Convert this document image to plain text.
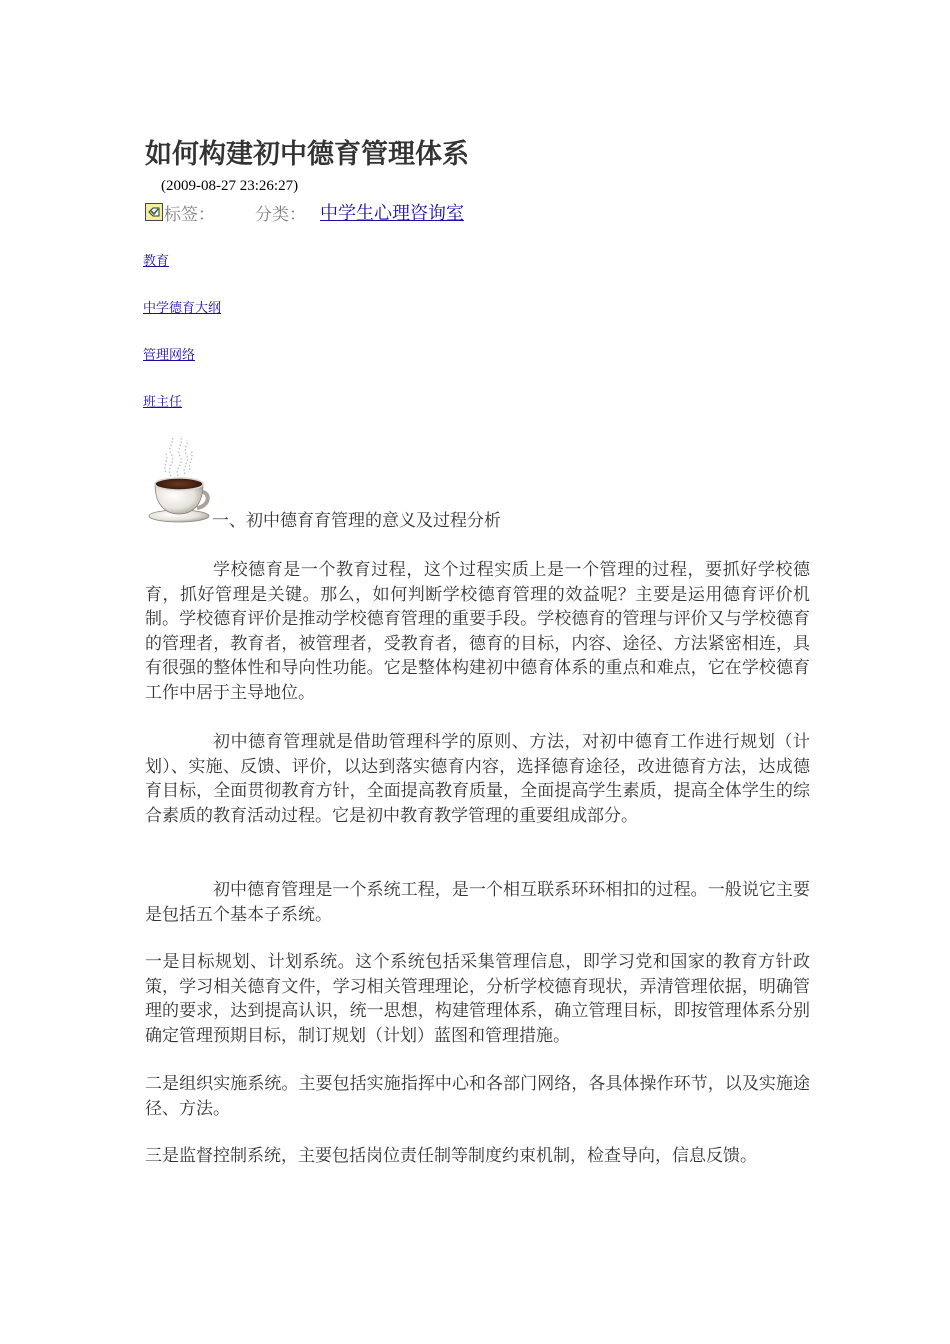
如何构建初中德育管理体系
(2009-08-27 23:26:27)
标签： 分类： 中学生心理咨询室
教育
中学德育大纲
管理网络
班主任
一、初中德育育管理的意义及过程分析

学校德育是一个教育过程，这个过程实质上是一个管理的过程，要抓好学校德育，抓好管理是关键。那么，如何判断学校德育管理的效益呢？主要是运用德育评价机制。学校德育评价是推动学校德育管理的重要手段。学校德育的管理与评价又与学校德育的管理者，教育者，被管理者，受教育者，德育的目标，内容、途径、方法紧密相连，具有很强的整体性和导向性功能。它是整体构建初中德育体系的重点和难点，它在学校德育工作中居于主导地位。

初中德育管理就是借助管理科学的原则、方法，对初中德育工作进行规划（计划）、实施、反馈、评价，以达到落实德育内容，选择德育途径，改进德育方法，达成德育目标，全面贯彻教育方针，全面提高教育质量，全面提高学生素质，提高全体学生的综合素质的教育活动过程。它是初中教育教学管理的重要组成部分。

初中德育管理是一个系统工程，是一个相互联系环环相扣的过程。一般说它主要是包括五个基本子系统。

一是目标规划、计划系统。这个系统包括采集管理信息，即学习党和国家的教育方针政策，学习相关德育文件，学习相关管理理论，分析学校德育现状，弄清管理依据，明确管理的要求，达到提高认识，统一思想，构建管理体系，确立管理目标，即按管理体系分别确定管理预期目标，制订规划（计划）蓝图和管理措施。

二是组织实施系统。主要包括实施指挥中心和各部门网络，各具体操作环节，以及实施途径、方法。

三是监督控制系统，主要包括岗位责任制等制度约束机制，检查导向，信息反馈。
